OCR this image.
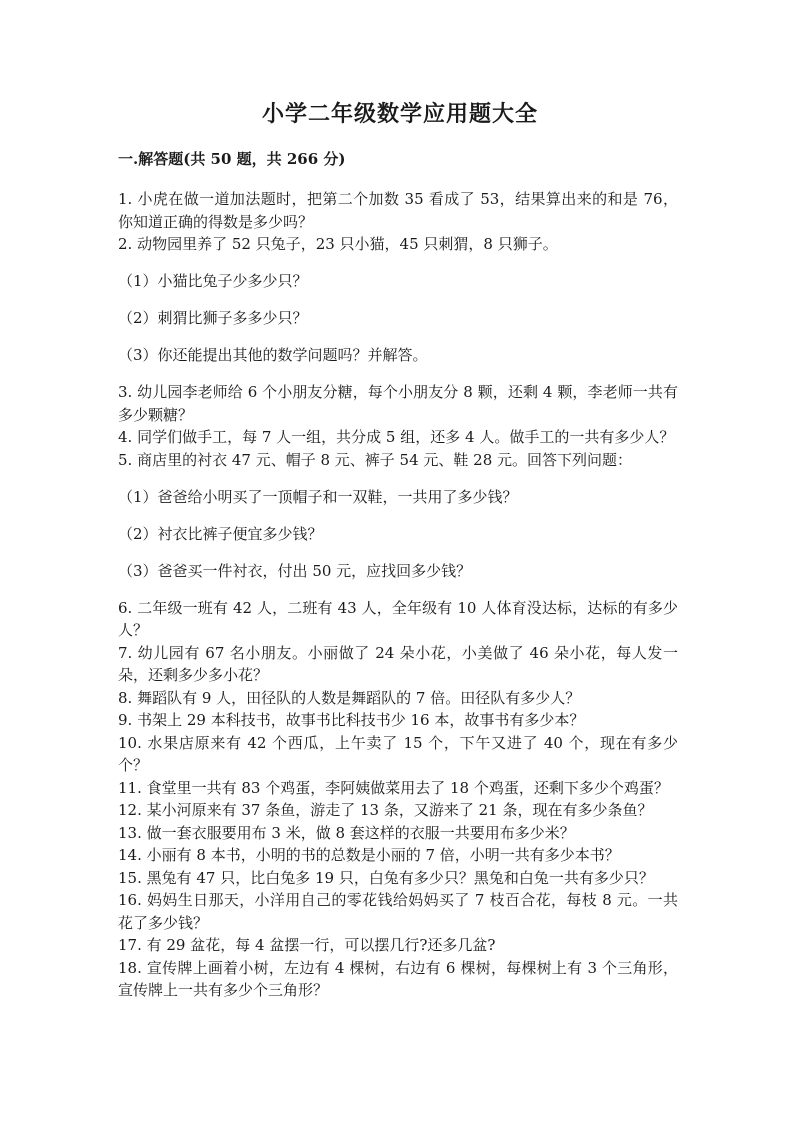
小学二年级数学应用题大全
一.解答题(共 50 题，共 266 分)

1. 小虎在做一道加法题时，把第二个加数 35 看成了 53，结果算出来的和是 76，你知道正确的得数是多少吗？

2. 动物园里养了 52 只兔子，23 只小猫，45 只刺猬，8 只狮子。

（1）小猫比兔子少多少只？

（2）刺猬比狮子多多少只？

（3）你还能提出其他的数学问题吗？并解答。

3. 幼儿园李老师给 6 个小朋友分糖，每个小朋友分 8 颗，还剩 4 颗，李老师一共有多少颗糖？

4. 同学们做手工，每 7 人一组，共分成 5 组，还多 4 人。做手工的一共有多少人？

5. 商店里的衬衣 47 元、帽子 8 元、裤子 54 元、鞋 28 元。回答下列问题：

（1）爸爸给小明买了一顶帽子和一双鞋，一共用了多少钱？

（2）衬衣比裤子便宜多少钱？

（3）爸爸买一件衬衣，付出 50 元，应找回多少钱？

6. 二年级一班有 42 人，二班有 43 人，全年级有 10 人体育没达标，达标的有多少人？

7. 幼儿园有 67 名小朋友。小丽做了 24 朵小花，小美做了 46 朵小花，每人发一朵，还剩多少多小花？

8. 舞蹈队有 9 人，田径队的人数是舞蹈队的 7 倍。田径队有多少人？

9. 书架上 29 本科技书，故事书比科技书少 16 本，故事书有多少本？

10. 水果店原来有 42 个西瓜，上午卖了 15 个，下午又进了 40 个，现在有多少个？

11. 食堂里一共有 83 个鸡蛋，李阿姨做菜用去了 18 个鸡蛋，还剩下多少个鸡蛋？

12. 某小河原来有 37 条鱼，游走了 13 条，又游来了 21 条，现在有多少条鱼？

13. 做一套衣服要用布 3 米，做 8 套这样的衣服一共要用布多少米？

14. 小丽有 8 本书，小明的书的总数是小丽的 7 倍，小明一共有多少本书？

15. 黑兔有 47 只，比白兔多 19 只，白兔有多少只？黑兔和白兔一共有多少只？

16. 妈妈生日那天，小洋用自己的零花钱给妈妈买了 7 枝百合花，每枝 8 元。一共花了多少钱？

17. 有 29 盆花，每 4 盆摆一行，可以摆几行?还多几盆?

18. 宣传牌上画着小树，左边有 4 棵树，右边有 6 棵树，每棵树上有 3 个三角形，宣传牌上一共有多少个三角形？
